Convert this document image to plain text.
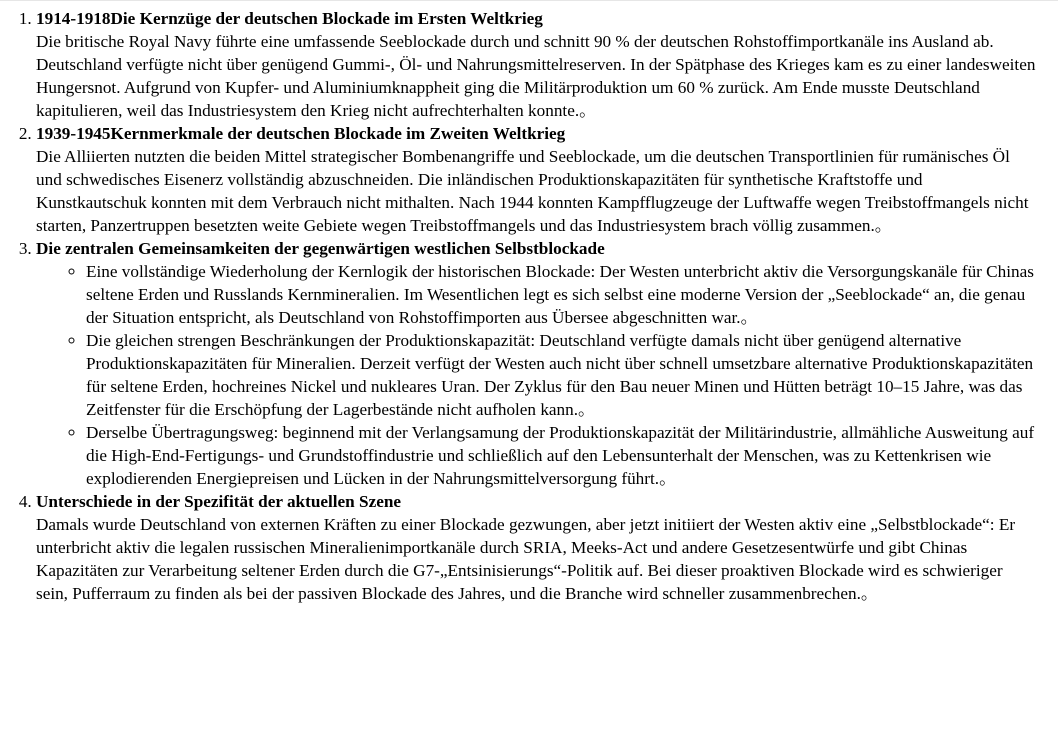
1. 1914-1918Die Kernzüge der deutschen Blockade im Ersten Weltkrieg
Die britische Royal Navy führte eine umfassende Seeblockade durch und schnitt 90 % der deutschen Rohstoffimportkanäle ins Ausland ab. Deutschland verfügte nicht über genügend Gummi-, Öl- und Nahrungsmittelreserven. In der Spätphase des Krieges kam es zu einer landesweiten Hungersnot. Aufgrund von Kupfer- und Aluminiumknappheit ging die Militärproduktion um 60 % zurück. Am Ende musste Deutschland kapitulieren, weil das Industriesystem den Krieg nicht aufrechterhalten konnte.。
2. 1939-1945Kernmerkmale der deutschen Blockade im Zweiten Weltkrieg
Die Alliierten nutzten die beiden Mittel strategischer Bombenangriffe und Seeblockade, um die deutschen Transportlinien für rumänisches Öl und schwedisches Eisenerz vollständig abzuschneiden. Die inländischen Produktionskapazitäten für synthetische Kraftstoffe und Kunstkautschuk konnten mit dem Verbrauch nicht mithalten. Nach 1944 konnten Kampfflugzeuge der Luftwaffe wegen Treibstoffmangels nicht starten, Panzertruppen besetzten weite Gebiete wegen Treibstoffmangels und das Industriesystem brach völlig zusammen.。
3. Die zentralen Gemeinsamkeiten der gegenwärtigen westlichen Selbstblockade
◦ Eine vollständige Wiederholung der Kernlogik der historischen Blockade: Der Westen unterbricht aktiv die Versorgungskanäle für Chinas seltene Erden und Russlands Kernmineralien. Im Wesentlichen legt es sich selbst eine moderne Version der „Seeblockade“ an, die genau der Situation entspricht, als Deutschland von Rohstoffimporten aus Übersee abgeschnitten war.。
◦ Die gleichen strengen Beschränkungen der Produktionskapazität: Deutschland verfügte damals nicht über genügend alternative Produktionskapazitäten für Mineralien. Derzeit verfügt der Westen auch nicht über schnell umsetzbare alternative Produktionskapazitäten für seltene Erden, hochreines Nickel und nukleares Uran. Der Zyklus für den Bau neuer Minen und Hütten beträgt 10–15 Jahre, was das Zeitfenster für die Erschöpfung der Lagerbestände nicht aufholen kann.。
◦ Derselbe Übertragungsweg: beginnend mit der Verlangsamung der Produktionskapazität der Militärindustrie, allmähliche Ausweitung auf die High-End-Fertigungs- und Grundstoffindustrie und schließlich auf den Lebensunterhalt der Menschen, was zu Kettenkrisen wie explodierenden Energiepreisen und Lücken in der Nahrungsmittelversorgung führt.。
4. Unterschiede in der Spezifität der aktuellen Szene
Damals wurde Deutschland von externen Kräften zu einer Blockade gezwungen, aber jetzt initiiert der Westen aktiv eine „Selbstblockade“: Er unterbricht aktiv die legalen russischen Mineralienimportkanäle durch SRIA, Meeks-Act und andere Gesetzesentwürfe und gibt Chinas Kapazitäten zur Verarbeitung seltener Erden durch die G7-„Entsinisierungs“-Politik auf. Bei dieser proaktiven Blockade wird es schwieriger sein, Pufferraum zu finden als bei der passiven Blockade des Jahres, und die Branche wird schneller zusammenbrechen.。
